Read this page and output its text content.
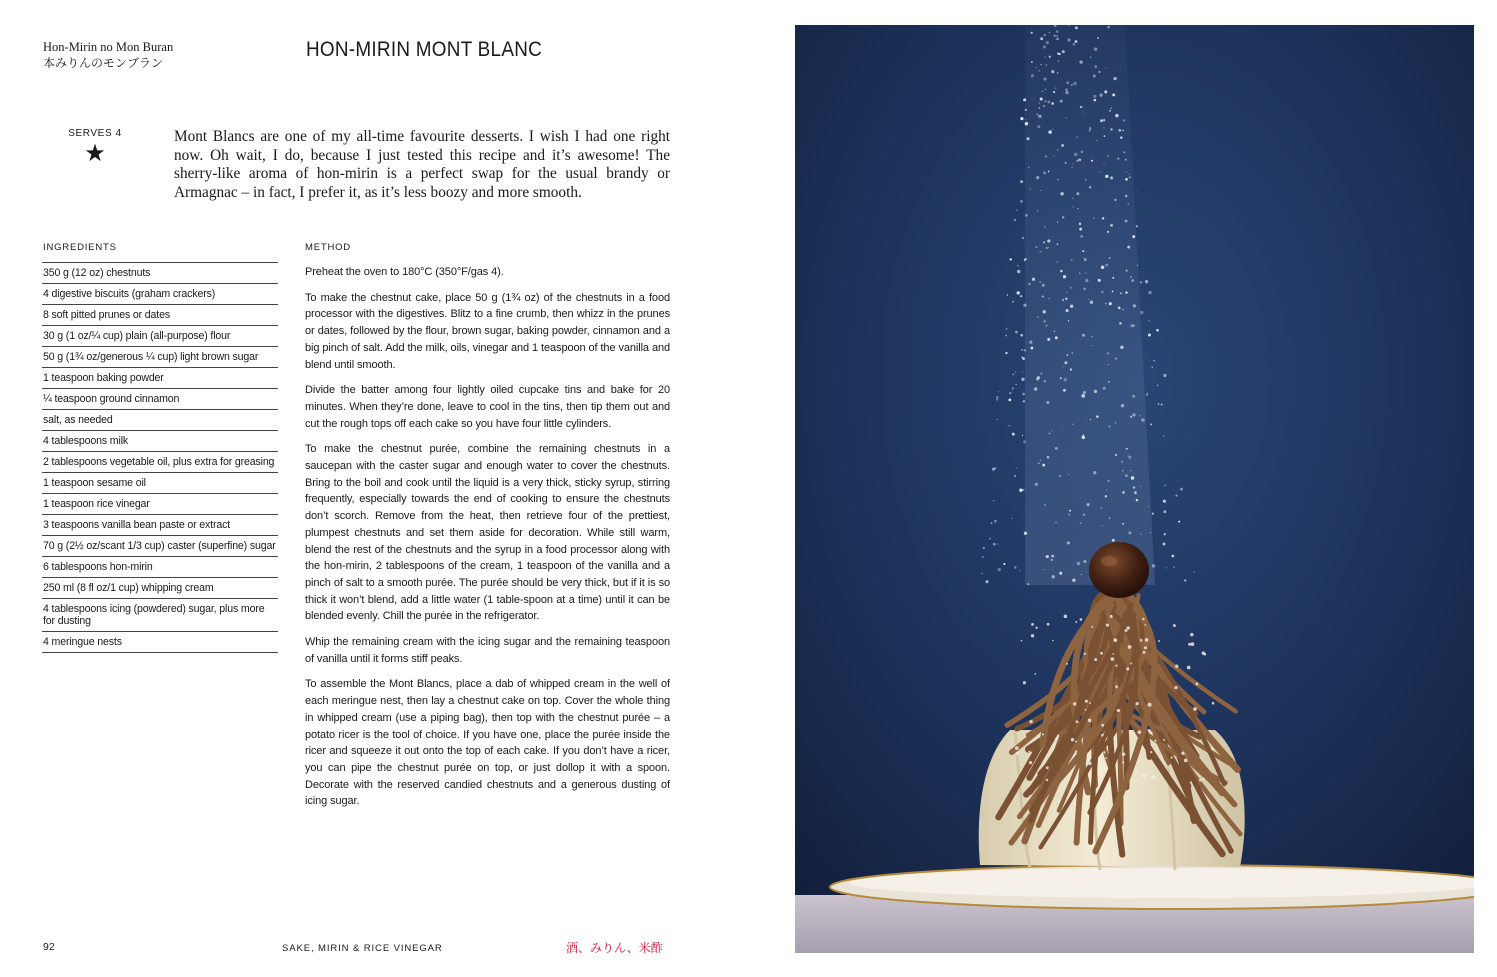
Hon-Mirin no Mon Buran
本みりんのモンブラン
HON-MIRIN MONT BLANC
SERVES 4
★

Mont Blancs are one of my all-time favourite desserts. I wish I had one right now. Oh wait, I do, because I just tested this recipe and it’s awesome! The sherry-like aroma of hon-mirin is a perfect swap for the usual brandy or Armagnac – in fact, I prefer it, as it’s less boozy and more smooth.

INGREDIENTS	METHOD
350 g (12 oz) chestnuts
4 digestive biscuits (graham crackers)
8 soft pitted prunes or dates
30 g (1 oz/¼ cup) plain (all-purpose) flour
50 g (1¾ oz/generous ¼ cup) light brown sugar
1 teaspoon baking powder
¼ teaspoon ground cinnamon
salt, as needed
4 tablespoons milk
2 tablespoons vegetable oil, plus extra for greasing
1 teaspoon sesame oil
1 teaspoon rice vinegar
3 teaspoons vanilla bean paste or extract
70 g (2½ oz/scant 1/3 cup) caster (superfine) sugar
6 tablespoons hon-mirin
250 ml (8 fl oz/1 cup) whipping cream
4 tablespoons icing (powdered) sugar, plus more for dusting
4 meringue nests

Preheat the oven to 180°C (350°F/gas 4).

To make the chestnut cake, place 50 g (1¾ oz) of the chestnuts in a food processor with the digestives. Blitz to a fine crumb, then whizz in the prunes or dates, followed by the flour, brown sugar, baking powder, cinnamon and a big pinch of salt. Add the milk, oils, vinegar and 1 teaspoon of the vanilla and blend until smooth.

Divide the batter among four lightly oiled cupcake tins and bake for 20 minutes. When they’re done, leave to cool in the tins, then tip them out and cut the rough tops off each cake so you have four little cylinders.

To make the chestnut purée, combine the remaining chestnuts in a saucepan with the caster sugar and enough water to cover the chestnuts. Bring to the boil and cook until the liquid is a very thick, sticky syrup, stirring frequently, especially towards the end of cooking to ensure the chestnuts don’t scorch. Remove from the heat, then retrieve four of the prettiest, plumpest chestnuts and set them aside for decoration. While still warm, blend the rest of the chestnuts and the syrup in a food processor along with the hon-mirin, 2 tablespoons of the cream, 1 teaspoon of the vanilla and a pinch of salt to a smooth purée. The purée should be very thick, but if it is so thick it won’t blend, add a little water (1 table-spoon at a time) until it can be blended evenly. Chill the purée in the refrigerator.

Whip the remaining cream with the icing sugar and the remaining teaspoon of vanilla until it forms stiff peaks.

To assemble the Mont Blancs, place a dab of whipped cream in the well of each meringue nest, then lay a chestnut cake on top. Cover the whole thing in whipped cream (use a piping bag), then top with the chestnut purée – a potato ricer is the tool of choice. If you have one, place the purée inside the ricer and squeeze it out onto the top of each cake. If you don’t have a ricer, you can pipe the chestnut purée on top, or just dollop it with a spoon. Decorate with the reserved candied chestnuts and a generous dusting of icing sugar.

92	SAKE, MIRIN & RICE VINEGAR	酒、みりん、米酢
